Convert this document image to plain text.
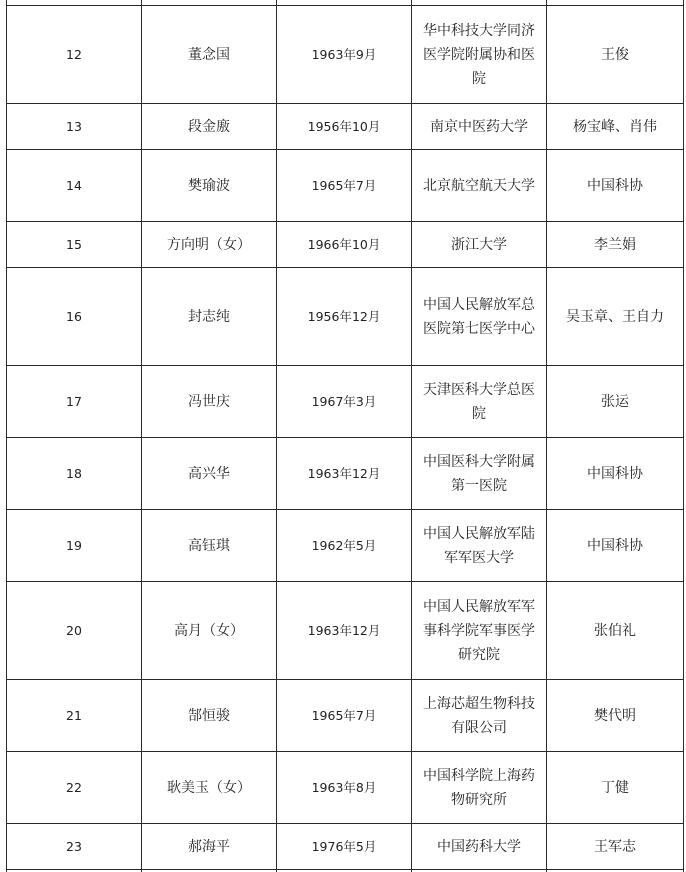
12	董念国	1963年9月	华中科技大学同济医学院附属协和医院	王俊
13	段金廒	1956年10月	南京中医药大学	杨宝峰、肖伟
14	樊瑜波	1965年7月	北京航空航天大学	中国科协
15	方向明（女）	1966年10月	浙江大学	李兰娟
16	封志纯	1956年12月	中国人民解放军总医院第七医学中心	吴玉章、王自力
17	冯世庆	1967年3月	天津医科大学总医院	张运
18	高兴华	1963年12月	中国医科大学附属第一医院	中国科协
19	高钰琪	1962年5月	中国人民解放军陆军军医大学	中国科协
20	高月（女）	1963年12月	中国人民解放军军事科学院军事医学研究院	张伯礼
21	郜恒骏	1965年7月	上海芯超生物科技有限公司	樊代明
22	耿美玉（女）	1963年8月	中国科学院上海药物研究所	丁健
23	郝海平	1976年5月	中国药科大学	王军志
